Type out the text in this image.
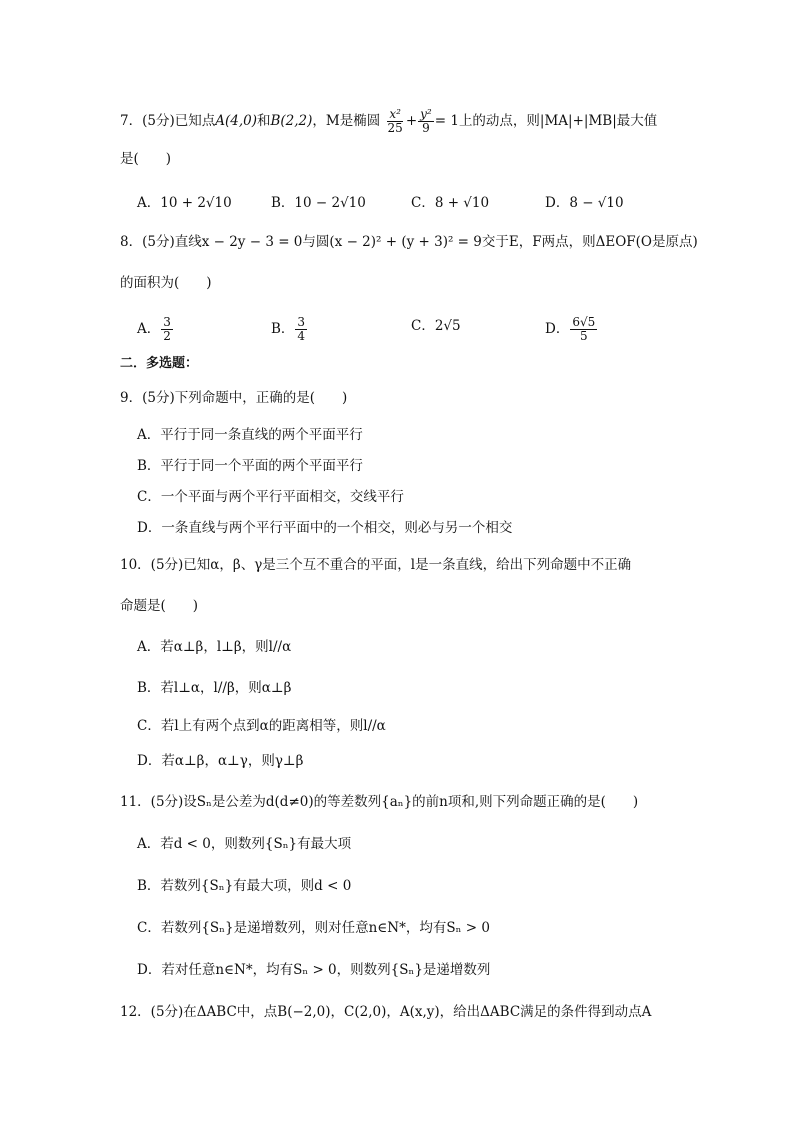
7．(5分)已知点A(4,0)和B(2,2)，M是椭圆 $\frac{\text{x²}}{25} + \frac{\text{y²}}{9} = 1$上的动点，则|MA|+|MB|最大值
是(　　)
A．10 + 2√10	B．10 − 2√10	C．8 + √10	D．8 − √10
8．(5分)直线x − 2y − 3 = 0与圆(x − 2)² + (y + 3)² = 9交于E，F两点，则ΔEOF(O是原点)
的面积为(　　)
A． $\frac{3}{2}$	B． $\frac{3}{4}$	C．2√5	D． $\frac{6√5}{5}$
二．多选题：
9．(5分)下列命题中，正确的是(　　)
A．平行于同一条直线的两个平面平行
B．平行于同一个平面的两个平面平行
C．一个平面与两个平行平面相交，交线平行
D．一条直线与两个平行平面中的一个相交，则必与另一个相交
10．(5分)已知α，β、γ是三个互不重合的平面，l是一条直线，给出下列命题中不正确
命题是(　　)
A．若α⊥β，l⊥β，则l//α
B．若l⊥α，l//β，则α⊥β
C．若l上有两个点到α的距离相等，则l//α
D．若α⊥β，α⊥γ，则γ⊥β
11．(5分)设Sₙ是公差为d(d≠0)的等差数列{aₙ}的前n项和,则下列命题正确的是(　　)
A．若d < 0，则数列{Sₙ}有最大项
B．若数列{Sₙ}有最大项，则d < 0
C．若数列{Sₙ}是递增数列，则对任意n∈N*，均有Sₙ > 0
D．若对任意n∈N*，均有Sₙ > 0，则数列{Sₙ}是递增数列
12．(5分)在ΔABC中，点B(−2,0)，C(2,0)，A(x,y)，给出ΔABC满足的条件得到动点A
